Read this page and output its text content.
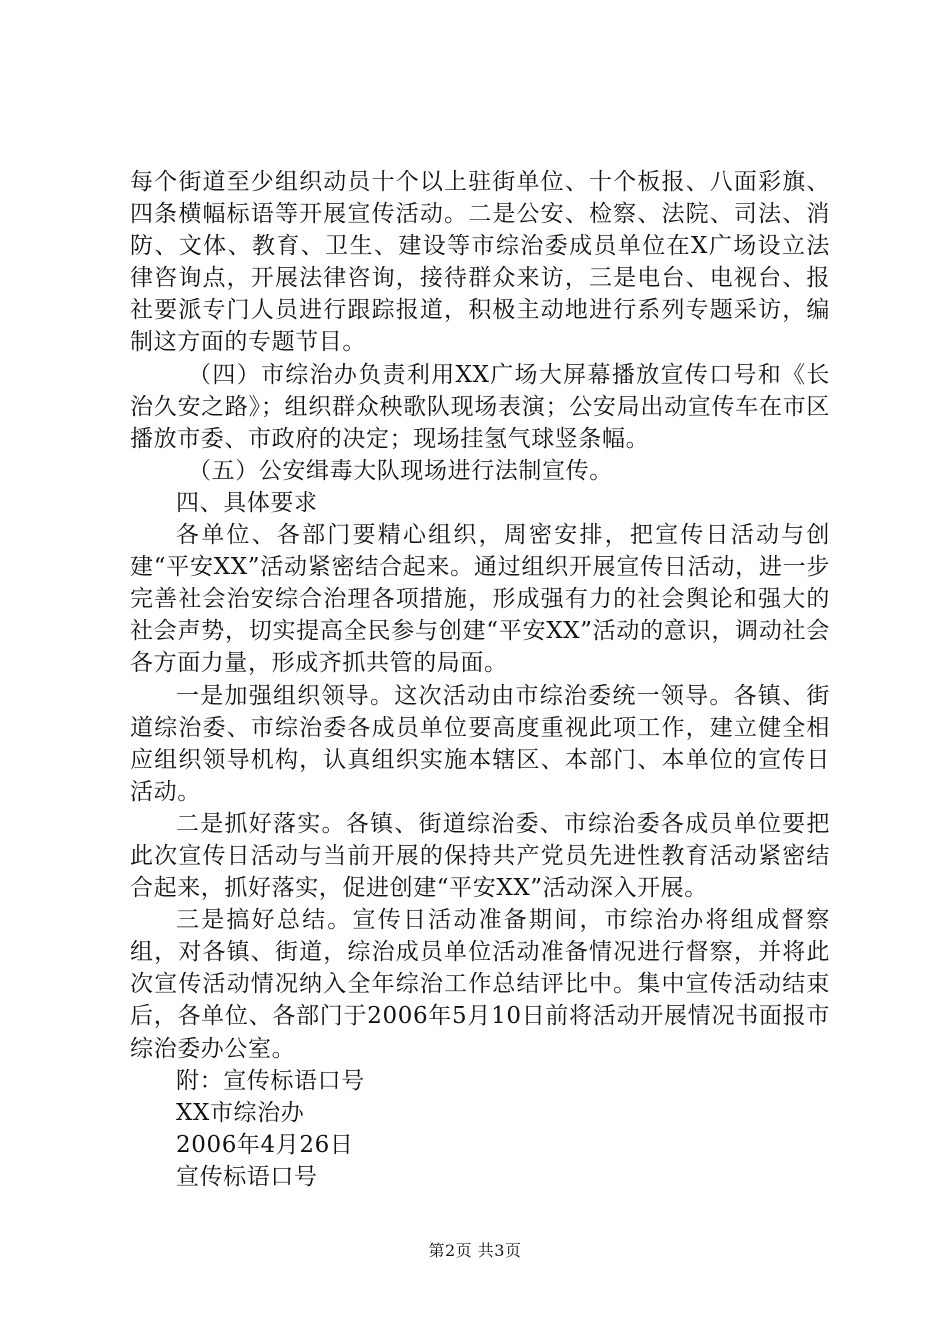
每个街道至少组织动员十个以上驻街单位、十个板报、八面彩旗、四条横幅标语等开展宣传活动。二是公安、检察、法院、司法、消防、文体、教育、卫生、建设等市综治委成员单位在X广场设立法律咨询点，开展法律咨询，接待群众来访，三是电台、电视台、报社要派专门人员进行跟踪报道，积极主动地进行系列专题采访，编制这方面的专题节目。

（四）市综治办负责利用XX广场大屏幕播放宣传口号和《长治久安之路》；组织群众秧歌队现场表演；公安局出动宣传车在市区播放市委、市政府的决定；现场挂氢气球竖条幅。

（五）公安缉毒大队现场进行法制宣传。

四、具体要求

各单位、各部门要精心组织，周密安排，把宣传日活动与创建“平安XX”活动紧密结合起来。通过组织开展宣传日活动，进一步完善社会治安综合治理各项措施，形成强有力的社会舆论和强大的社会声势，切实提高全民参与创建“平安XX”活动的意识，调动社会各方面力量，形成齐抓共管的局面。

一是加强组织领导。这次活动由市综治委统一领导。各镇、街道综治委、市综治委各成员单位要高度重视此项工作，建立健全相应组织领导机构，认真组织实施本辖区、本部门、本单位的宣传日活动。

二是抓好落实。各镇、街道综治委、市综治委各成员单位要把此次宣传日活动与当前开展的保持共产党员先进性教育活动紧密结合起来，抓好落实，促进创建“平安XX”活动深入开展。

三是搞好总结。宣传日活动准备期间，市综治办将组成督察组，对各镇、街道，综治成员单位活动准备情况进行督察，并将此次宣传活动情况纳入全年综治工作总结评比中。集中宣传活动结束后，各单位、各部门于2006年5月10日前将活动开展情况书面报市综治委办公室。

附：宣传标语口号

XX市综治办

2006年4月26日

宣传标语口号

第2页 共3页
